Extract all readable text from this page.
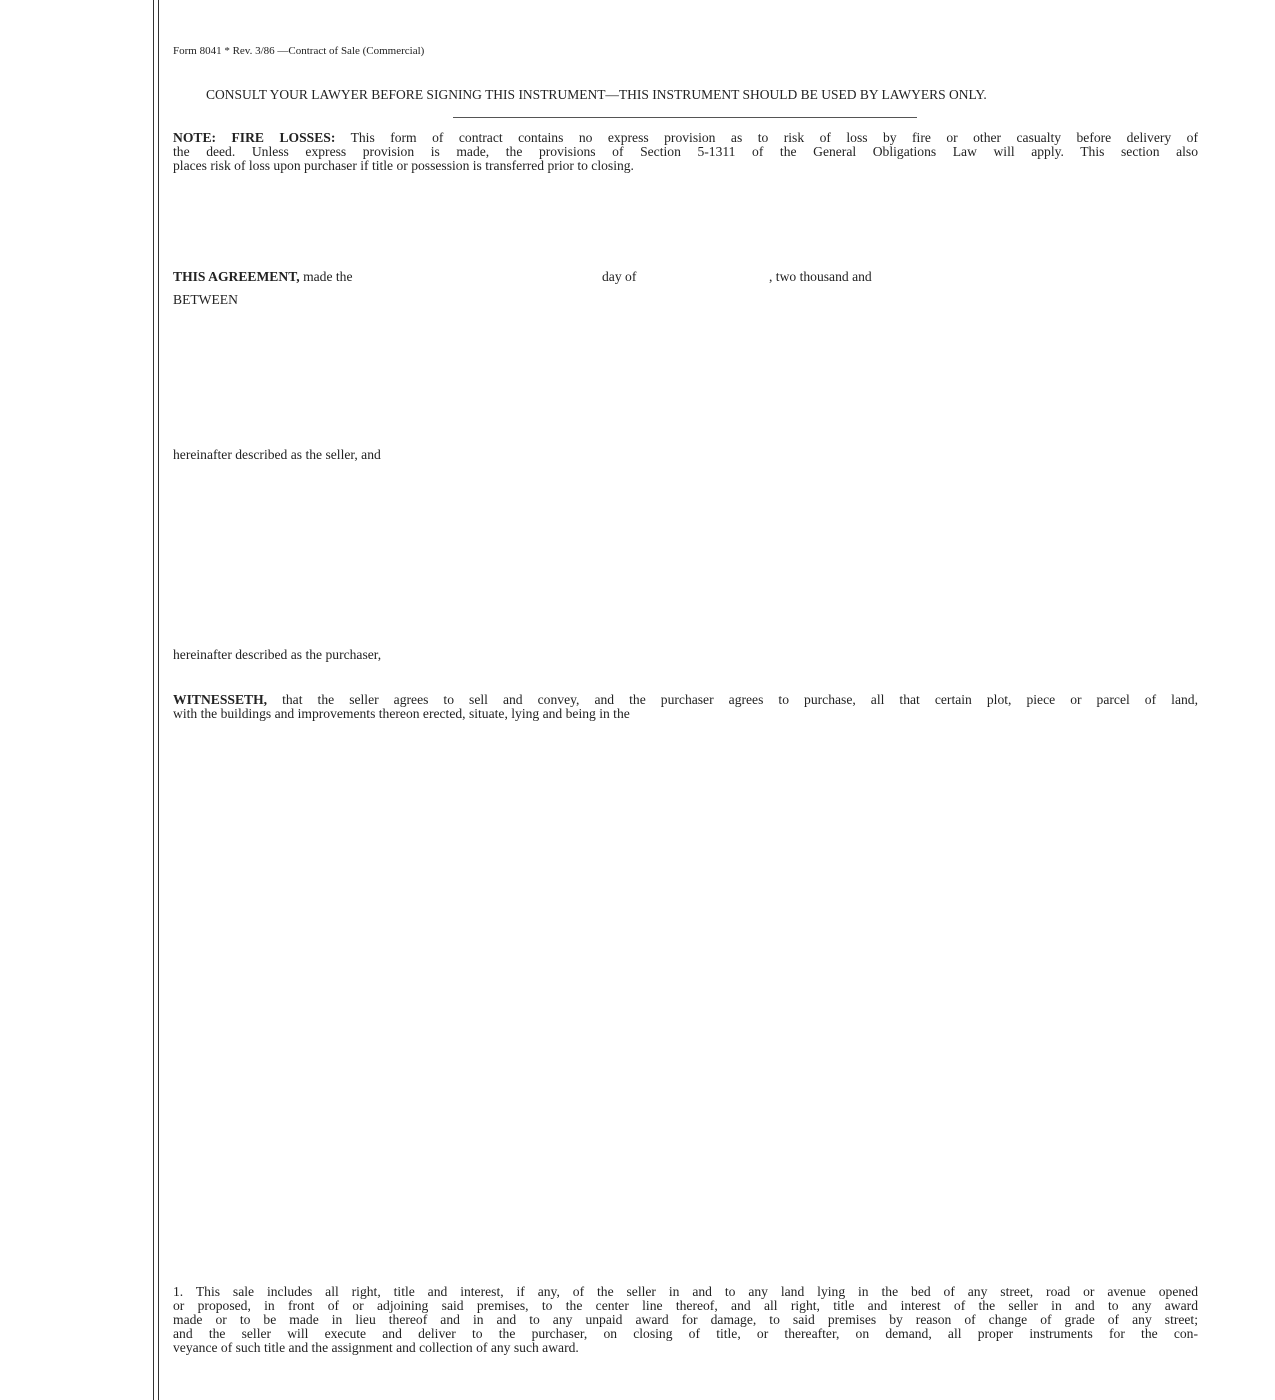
Form 8041 * Rev. 3/86 —Contract of Sale (Commercial)
CONSULT YOUR LAWYER BEFORE SIGNING THIS INSTRUMENT—THIS INSTRUMENT SHOULD BE USED BY LAWYERS ONLY.
NOTE: FIRE LOSSES: This form of contract contains no express provision as to risk of loss by fire or other casualty before delivery of
the deed. Unless express provision is made, the provisions of Section 5-1311 of the General Obligations Law will apply. This section also
places risk of loss upon purchaser if title or possession is transferred prior to closing.
THIS AGREEMENT, made the	day of	, two thousand and
BETWEEN
hereinafter described as the seller, and
hereinafter described as the purchaser,
WITNESSETH, that the seller agrees to sell and convey, and the purchaser agrees to purchase, all that certain plot, piece or parcel of land,
with the buildings and improvements thereon erected, situate, lying and being in the
1. This sale includes all right, title and interest, if any, of the seller in and to any land lying in the bed of any street, road or avenue opened
or proposed, in front of or adjoining said premises, to the center line thereof, and all right, title and interest of the seller in and to any award
made or to be made in lieu thereof and in and to any unpaid award for damage, to said premises by reason of change of grade of any street;
and the seller will execute and deliver to the purchaser, on closing of title, or thereafter, on demand, all proper instruments for the con-
veyance of such title and the assignment and collection of any such award.
